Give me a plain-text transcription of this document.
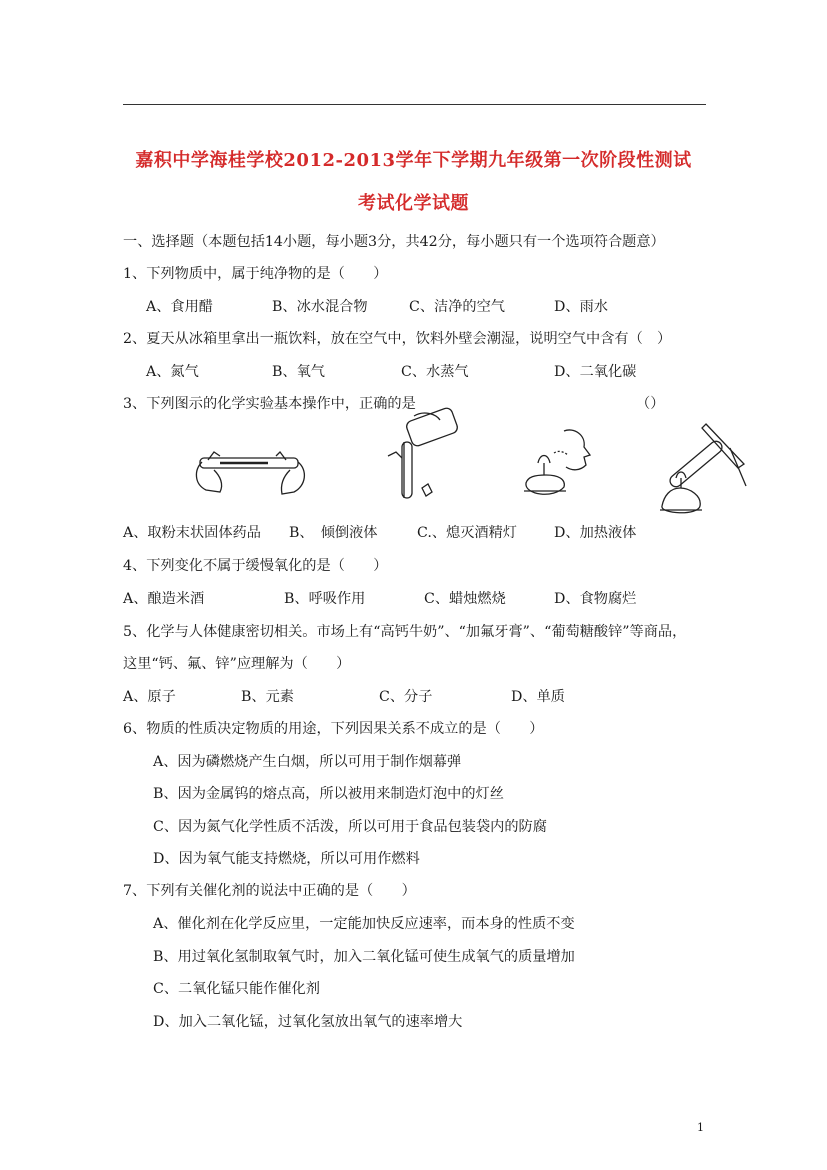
嘉积中学海桂学校2012-2013学年下学期九年级第一次阶段性测试
考试化学试题
一、选择题（本题包括14小题，每小题3分，共42分，每小题只有一个选项符合题意）
1、下列物质中，属于纯净物的是（　　）
A、食用醋	B、冰水混合物	C、洁净的空气	D、雨水
2、夏天从冰箱里拿出一瓶饮料，放在空气中，饮料外壁会潮湿，说明空气中含有（　）
A、氮气	B、氧气	C、水蒸气	D、二氧化碳
3、下列图示的化学实验基本操作中，正确的是	（）
A、取粉末状固体药品 B、　倾倒液体	C.、熄灭酒精灯	D、加热液体
4、下列变化不属于缓慢氧化的是（　　）
A、酿造米酒	B、呼吸作用	C、蜡烛燃烧	D、食物腐烂
5、化学与人体健康密切相关。市场上有“高钙牛奶”、“加氟牙膏”、“葡萄糖酸锌”等商品，
这里“钙、氟、锌”应理解为（　　）
A、原子	B、元素	C、分子	D、单质
6、物质的性质决定物质的用途，下列因果关系不成立的是（　　）
A、因为磷燃烧产生白烟，所以可用于制作烟幕弹
B、因为金属钨的熔点高，所以被用来制造灯泡中的灯丝
C、因为氮气化学性质不活泼，所以可用于食品包装袋内的防腐
D、因为氧气能支持燃烧，所以可用作燃料
7、下列有关催化剂的说法中正确的是（　　）
A、催化剂在化学反应里，一定能加快反应速率，而本身的性质不变
B、用过氧化氢制取氧气时，加入二氧化锰可使生成氧气的质量增加
C、二氧化锰只能作催化剂
D、加入二氧化锰，过氧化氢放出氧气的速率增大
1
